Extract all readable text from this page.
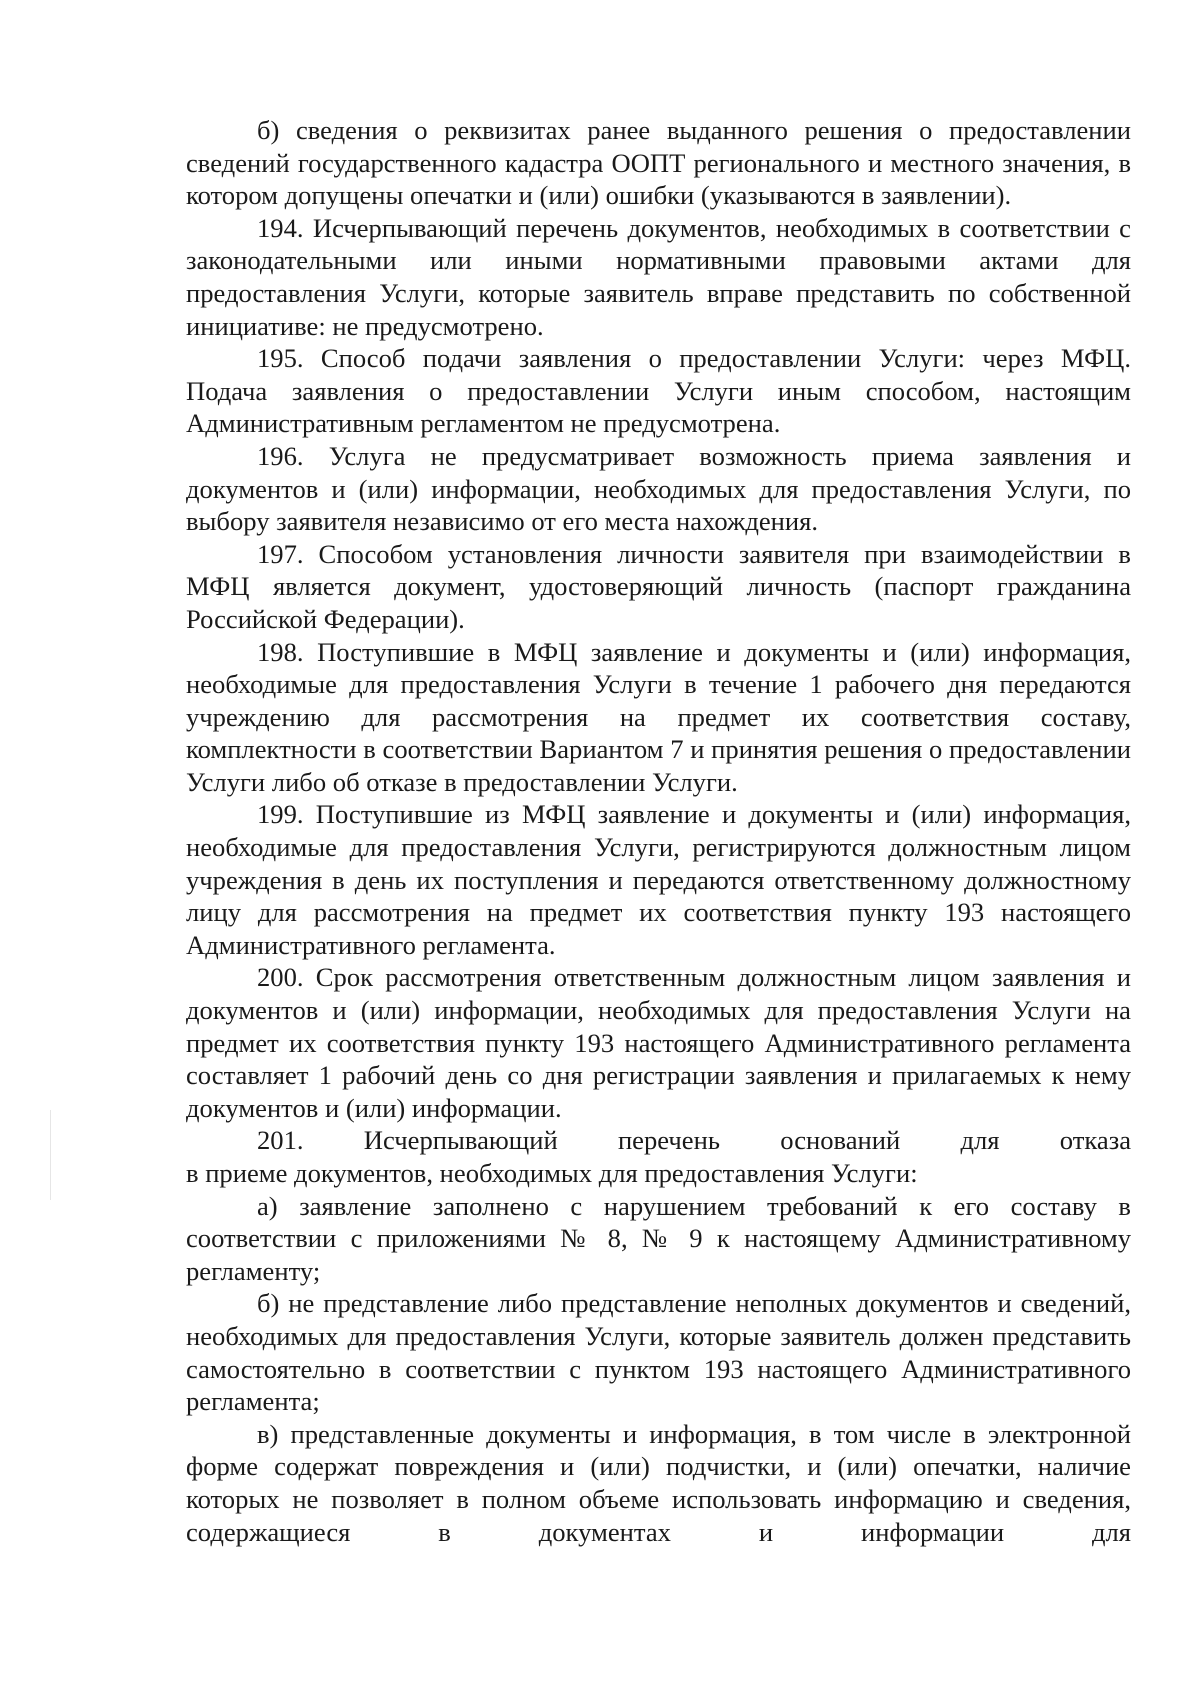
б) сведения о реквизитах ранее выданного решения о предоставлении сведений государственного кадастра ООПТ регионального и местного значения, в котором допущены опечатки и (или) ошибки (указываются в заявлении).

194. Исчерпывающий перечень документов, необходимых в соответствии с законодательными или иными нормативными правовыми актами для предоставления Услуги, которые заявитель вправе представить по собственной инициативе: не предусмотрено.

195. Способ подачи заявления о предоставлении Услуги: через МФЦ. Подача заявления о предоставлении Услуги иным способом, настоящим Административным регламентом не предусмотрена.

196. Услуга не предусматривает возможность приема заявления и документов и (или) информации, необходимых для предоставления Услуги, по выбору заявителя независимо от его места нахождения.

197. Способом установления личности заявителя при взаимодействии в МФЦ является документ, удостоверяющий личность (паспорт гражданина Российской Федерации).

198. Поступившие в МФЦ заявление и документы и (или) информация, необходимые для предоставления Услуги в течение 1 рабочего дня передаются учреждению для рассмотрения на предмет их соответствия составу, комплектности в соответствии Вариантом 7 и принятия решения о предоставлении Услуги либо об отказе в предоставлении Услуги.

199. Поступившие из МФЦ заявление и документы и (или) информация, необходимые для предоставления Услуги, регистрируются должностным лицом учреждения в день их поступления и передаются ответственному должностному лицу для рассмотрения на предмет их соответствия пункту 193 настоящего Административного регламента.

200. Срок рассмотрения ответственным должностным лицом заявления и документов и (или) информации, необходимых для предоставления Услуги на предмет их соответствия пункту 193 настоящего Административного регламента составляет 1 рабочий день со дня регистрации заявления и прилагаемых к нему документов и (или) информации.

201. Исчерпывающий перечень оснований для отказа

в приеме документов, необходимых для предоставления Услуги:

а) заявление заполнено с нарушением требований к его составу в соответствии с приложениями № 8, № 9 к настоящему Административному регламенту;

б) не представление либо представление неполных документов и сведений, необходимых для предоставления Услуги, которые заявитель должен представить самостоятельно в соответствии с пунктом 193 настоящего Административного регламента;

в) представленные документы и информация, в том числе в электронной форме содержат повреждения и (или) подчистки, и (или) опечатки, наличие которых не позволяет в полном объеме использовать информацию и сведения, содержащиеся в документах и информации для
